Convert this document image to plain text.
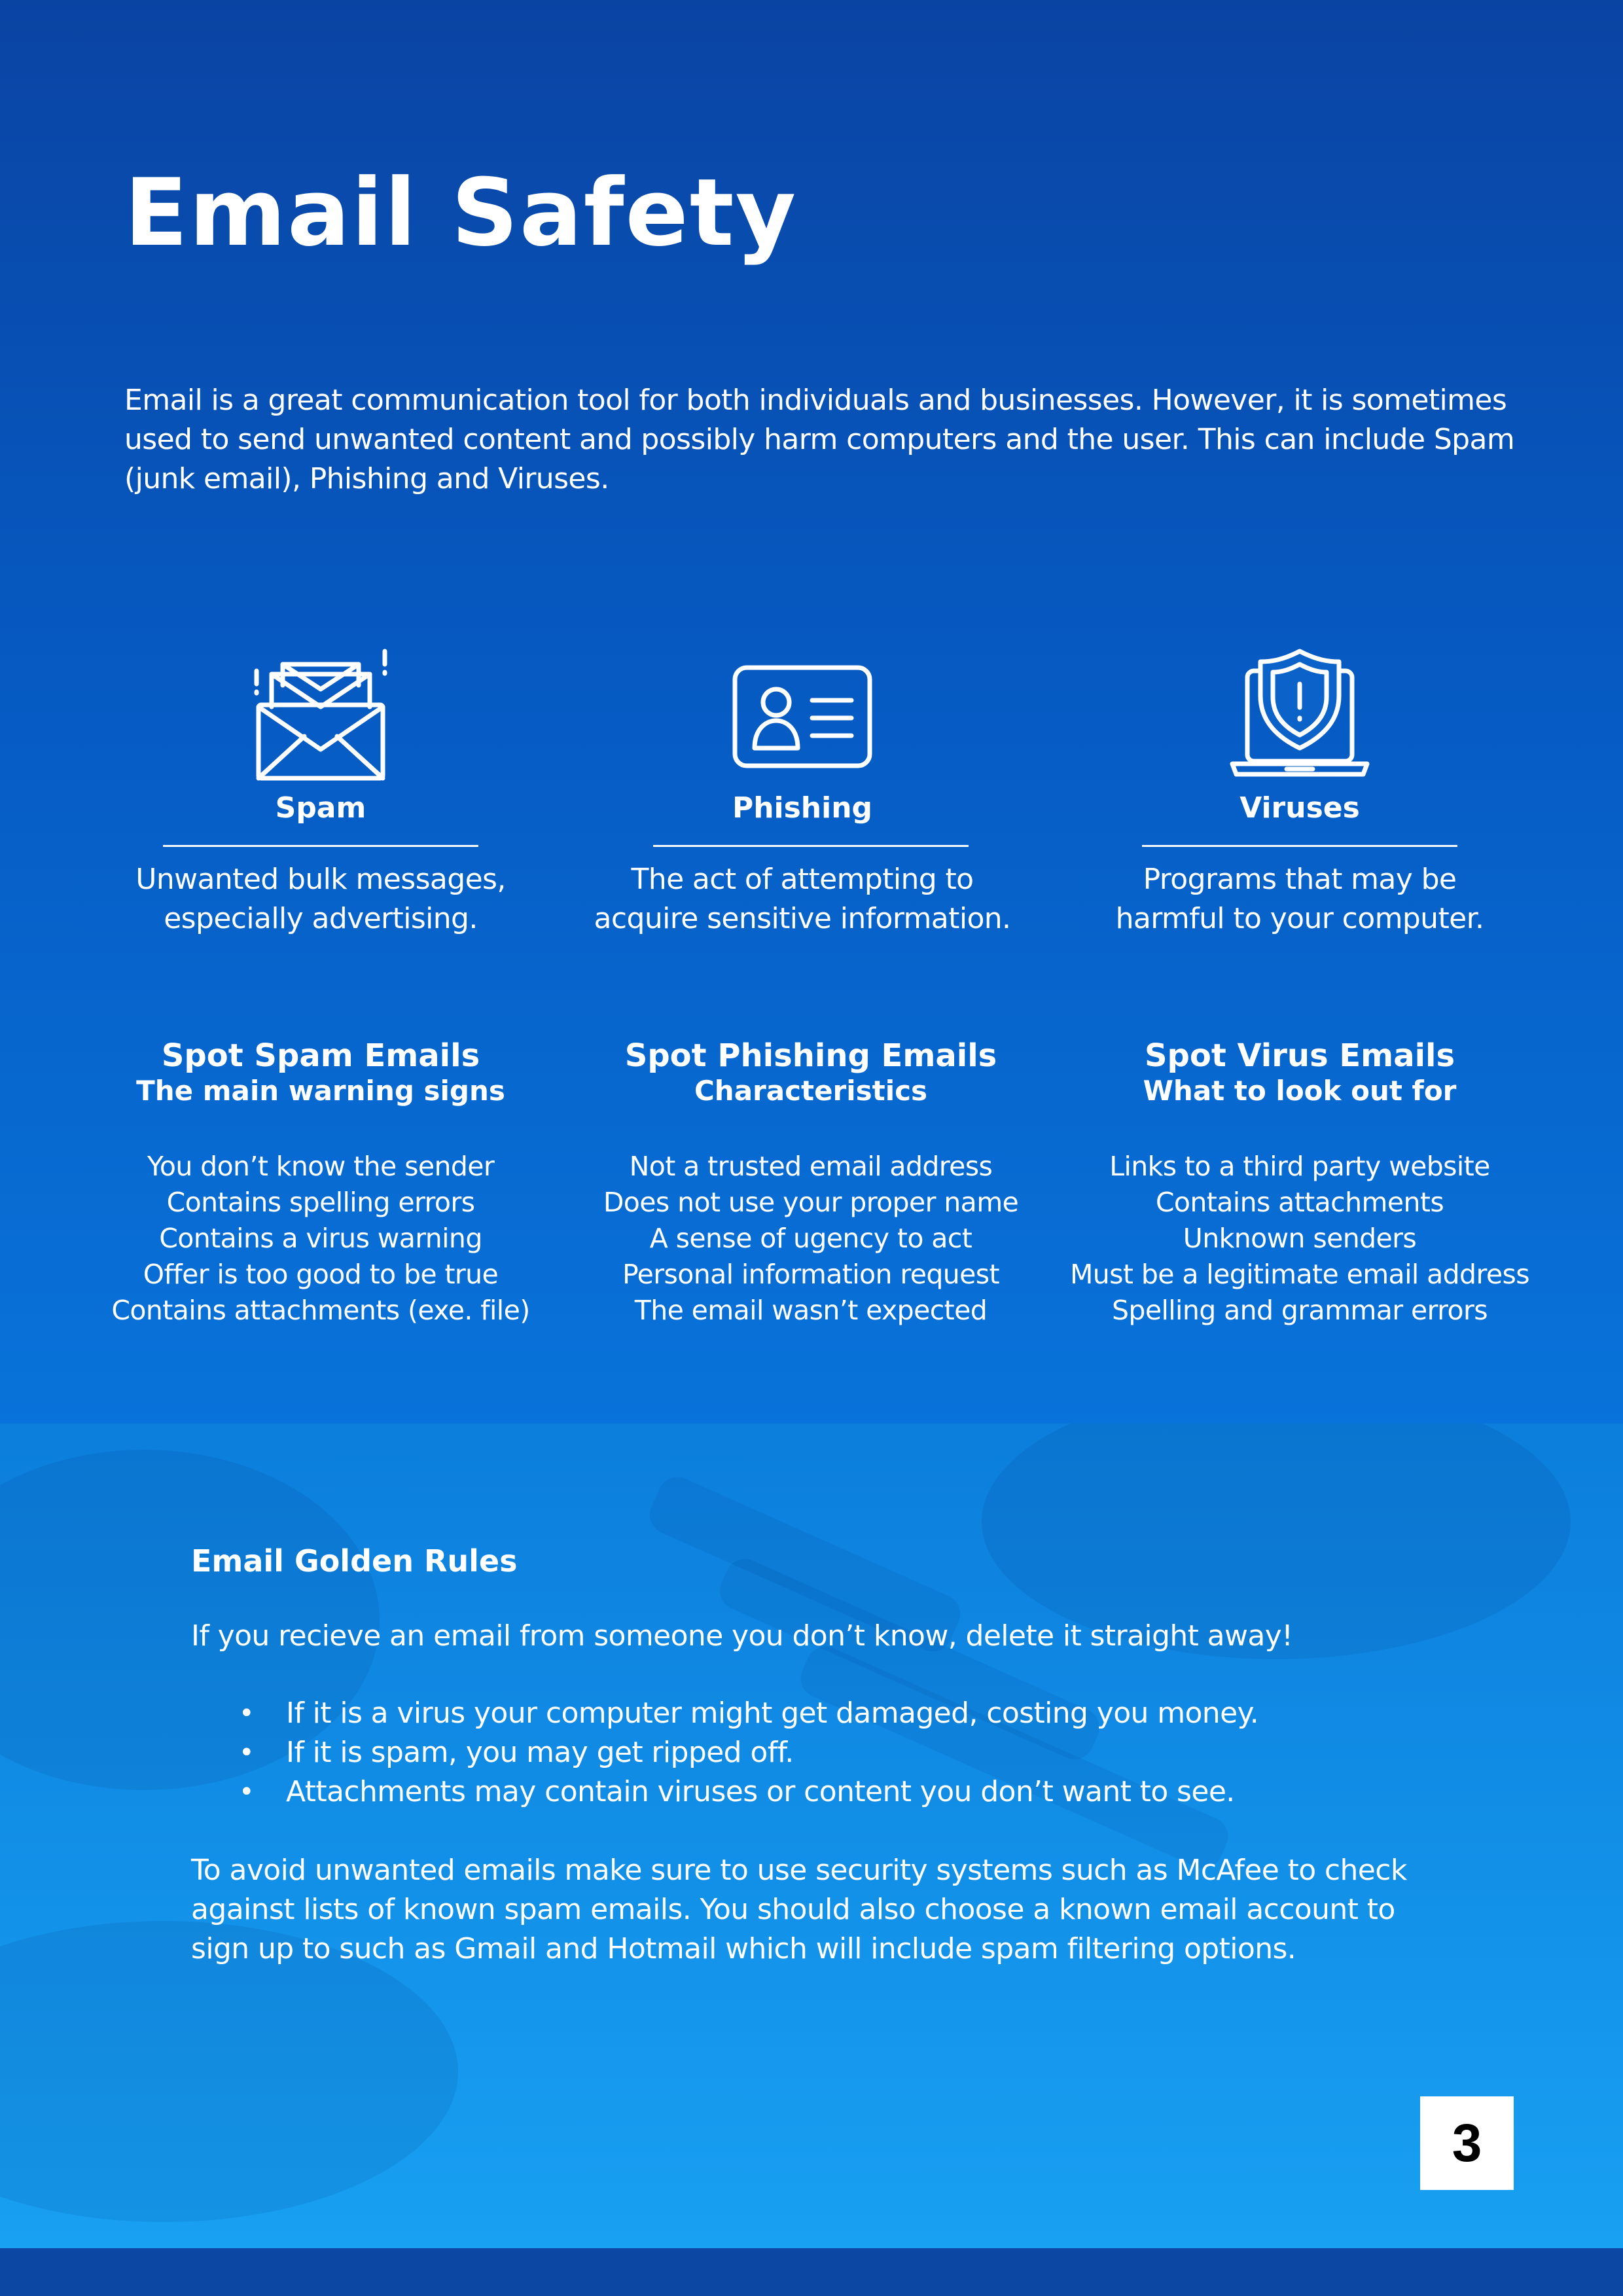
Email Safety

Email is a great communication tool for both individuals and businesses. However, it is sometimes
used to send unwanted content and possibly harm computers and the user. This can include Spam
(junk email), Phishing and Viruses.

Spam
Unwanted bulk messages,
especially advertising.
Phishing
The act of attempting to
acquire sensitive information.
Viruses
Programs that may be
harmful to your computer.
Spot Spam Emails
The main warning signs
You don’t know the sender
Contains spelling errors
Contains a virus warning
Offer is too good to be true
Contains attachments (exe. file)
Spot Phishing Emails
Characteristics
Not a trusted email address
Does not use your proper name
A sense of ugency to act
Personal information request
The email wasn’t expected
Spot Virus Emails
What to look out for
Links to a third party website
Contains attachments
Unknown senders
Must be a legitimate email address
Spelling and grammar errors
Email Golden Rules
If you recieve an email from someone you don’t know, delete it straight away!
• If it is a virus your computer might get damaged, costing you money.
• If it is spam, you may get ripped off.
• Attachments may contain viruses or content you don’t want to see.
To avoid unwanted emails make sure to use security systems such as McAfee to check
against lists of known spam emails. You should also choose a known email account to
sign up to such as Gmail and Hotmail which will include spam filtering options.
3
